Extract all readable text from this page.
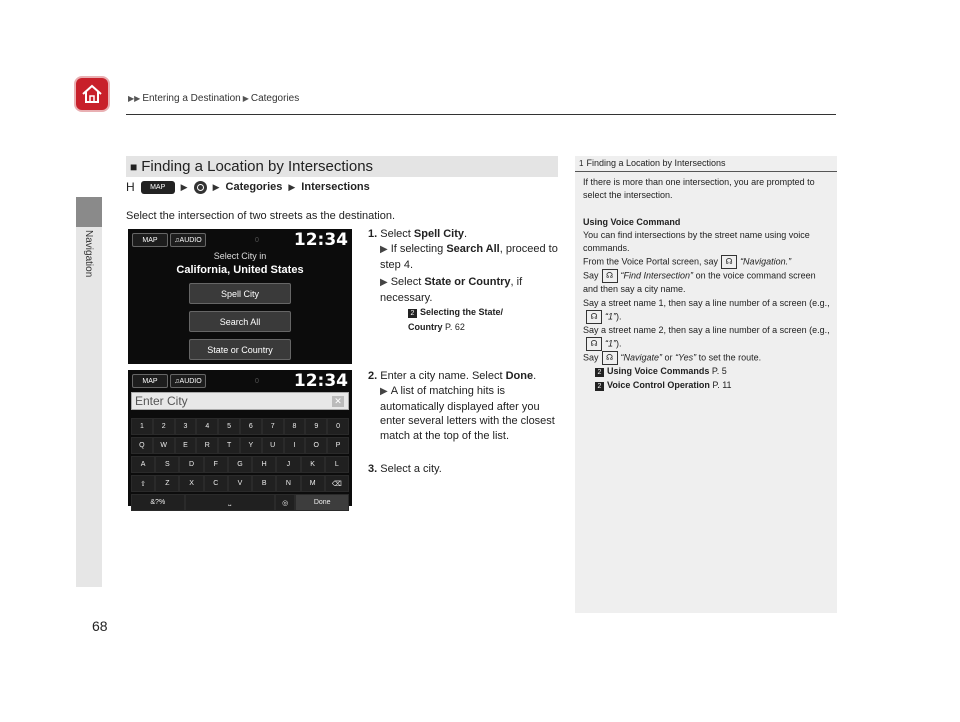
▶▶ Entering a Destination ▶ Categories
Navigation
■ Finding a Location by Intersections
H	MAP	▶	▶ Categories ▶ Intersections
Select the intersection of two streets as the destination.
MAP ♫ AUDIO	0 12:34
Select City in
California, United States
Spell City
Search All
State or Country
MAP ♫ AUDIO	0 12:34
Enter City	✕
1	2	3	4	5	6	7	8	9	0
Q	W	E	R	T	Y	U	I	O	P
A	S	D	F	G	H	J	K	L
⇧	Z	X	C	V	B	N	M	⌫
&?%	⎵	◎	Done
1. Select Spell City.
▶ If selecting Search All, proceed to step 4.
▶ Select State or Country, if necessary.
2 Selecting the State/ Country P. 62
2. Enter a city name. Select Done.
▶ A list of matching hits is automatically displayed after you enter several letters with the closest match at the top of the list.
3. Select a city.
1 Finding a Location by Intersections
If there is more than one intersection, you are prompted to select the intersection.
Using Voice Command
You can find intersections by the street name using voice commands.
From the Voice Portal screen, say ☊ “Navigation.”
Say ☊ “Find Intersection” on the voice command screen and then say a city name.
Say a street name 1, then say a line number of a screen (e.g.,☊ “1”).
Say a street name 2, then say a line number of a screen (e.g.,☊ “1”).
Say ☊ “Navigate” or “Yes” to set the route.
2 Using Voice Commands P. 5
2 Voice Control Operation P. 11
68
